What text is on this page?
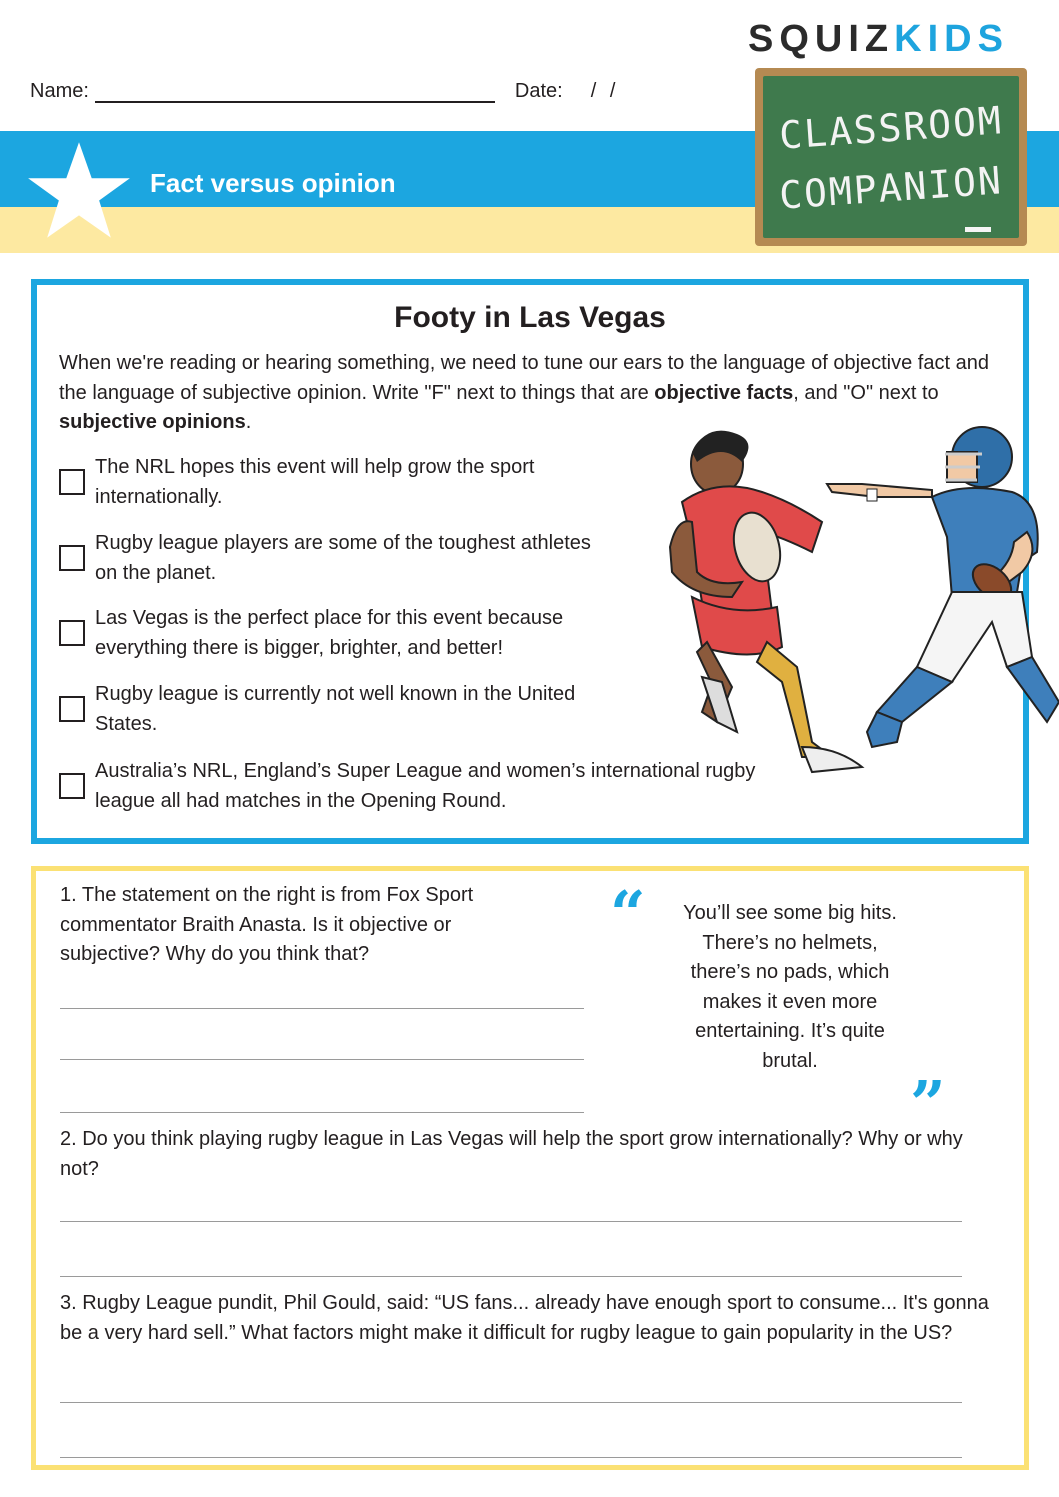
SQUIZKIDS
Name:	Date: / /
Fact versus opinion
CLASSROOM
COMPANION
Footy in Las Vegas
When we're reading or hearing something, we need to tune our ears to the language of objective fact and the language of subjective opinion. Write "F" next to things that are objective facts, and "O" next to subjective opinions.
The NRL hopes this event will help grow the sport internationally.
Rugby league players are some of the toughest athletes on the planet.
Las Vegas is the perfect place for this event because everything there is bigger, brighter, and better!
Rugby league is currently not well known in the United States.
Australia’s NRL, England’s Super League and women’s international rugby league all had matches in the Opening Round.
1. The statement on the right is from Fox Sport commentator Braith Anasta. Is it objective or subjective? Why do you think that?
“	You’ll see some big hits. There’s no helmets, there’s no pads, which makes it even more entertaining. It’s quite brutal.
”
2. Do you think playing rugby league in Las Vegas will help the sport grow internationally? Why or why not?
3. Rugby League pundit, Phil Gould, said: “US fans... already have enough sport to consume... It's gonna be a very hard sell.” What factors might make it difficult for rugby league to gain popularity in the US?
